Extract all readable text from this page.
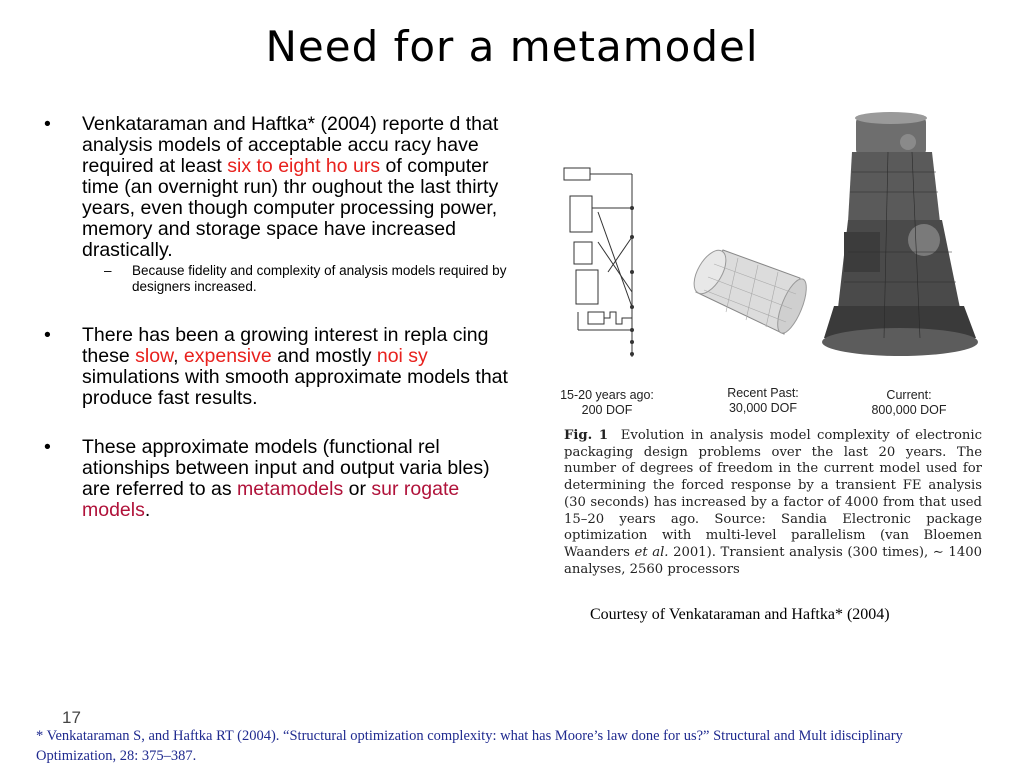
Need for a metamodel
• Venkataraman and Haftka* (2004) reporte d that analysis models of acceptable accu racy have required at least six to eight ho urs of computer time (an overnight run) thr oughout the last thirty years, even though computer processing power, memory and storage space have increased drastically.
– Because fidelity and complexity of analysis models required by designers increased.
• There has been a growing interest in repla cing these slow, expensive and mostly noi sy simulations with smooth approximate models that produce fast results.
• These approximate models (functional rel ationships between input and output varia bles) are referred to as metamodels or sur rogate models.
15-20 years ago:
200 DOF
Recent Past:
30,000 DOF
Current:
800,000 DOF
Fig. 1 Evolution in analysis model complexity of electronic packaging design problems over the last 20 years. The number of degrees of freedom in the current model used for determining the forced response by a transient FE analysis (30 seconds) has increased by a factor of 4000 from that used 15–20 years ago. Source: Sandia Electronic package optimization with multi-level parallelism (van Bloemen Waanders et al. 2001). Transient analysis (300 times), ∼ 1400 analyses, 2560 processors
Courtesy of Venkataraman and Haftka* (2004)
17
* Venkataraman S, and Haftka RT (2004). “Structural optimization complexity: what has Moore’s law done for us?” Structural and Mult idisciplinary Optimization, 28: 375–387.
